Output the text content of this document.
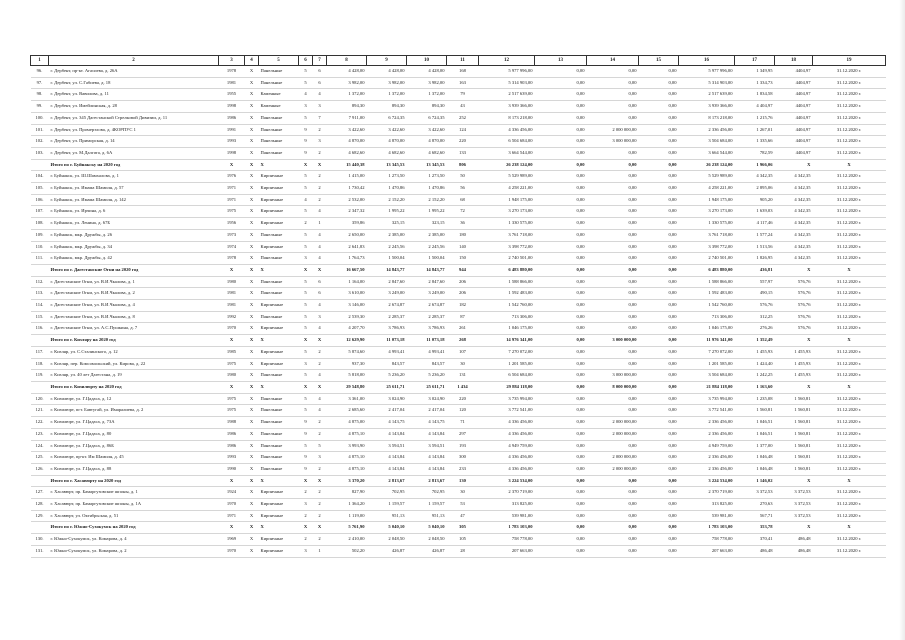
1	2	3	4	5	6	7	8	9	10	11	12	13	14	15	16	17	18	19
96.	г. Дербент, пр-кт. Агасиева, д. 26А	1978	Х	Панельные	5	6	4 428,00	4 428,00	4 428,00	168	5 977 996,00	0,00	0,00	0,00	5 977 996,00	1 349,95	4404,97	31.12.2020 г.
97.	г. Дербент, ул. С.Габиева, д. 18	1981	Х	Панельные	5	6	3 982,00	3 982,00	3 982,00	163	5 314 903,00	0,00	0,00	0,00	5 314 903,00	1 334,73	4404,97	31.12.2020 г.
98.	г. Дербент, ул. Вавилова, д. 11	1955	Х	Каменные	4	4	1 372,00	1 372,00	1 372,00	79	2 517 639,00	0,00	0,00	0,00	2 517 639,00	1 834,58	4404,97	31.12.2020 г.
99.	г. Дербент, ул. Имейлинская, д. 28	1998	Х	Каменные	3	3	894,30	894,30	894,30	43	3 939 366,00	0,00	0,00	0,00	3 939 366,00	4 404,97	4404,97	31.12.2020 г.
100.	г. Дербент, ул. 345 Дагестанской Стрелковой Дивизии, д. 11	1986	Х	Панельные	5	7	7 911,00	6 724,35	6 724,35	252	8 173 218,00	0,00	0,00	0,00	8 173 218,00	1 215,76	4404,97	31.12.2020 г.
101.	г. Дербент, ул. Промерзлова, д. 4КОРПУС 1	1991	Х	Панельные	9	2	3 422,60	3 422,60	3 422,60	124	4 336 456,00	0,00	2 000 000,00	0,00	2 336 456,00	1 267,01	4404,97	31.12.2020 г.
102.	г. Дербент, ул. Приморская, д. 14	1993	Х	Панельные	9	3	4 870,00	4 870,00	4 870,00	220	6 504 684,00	0,00	3 000 000,00	0,00	3 504 684,00	1 335,66	4404,97	31.12.2020 г.
103.	г. Дербент, ул. М.Далгата, д. 6А	1998	Х	Панельные	9	2	4 682,60	4 682,60	4 682,60	133	3 664 544,00	0,00	0,00	0,00	3 664 544,00	782,59	4404,97	31.12.2020 г.
	Итого по г. Буйнакску на 2020 год	Х	Х	Х	Х	Х	15 440,38	13 345,53	13 345,53	806	26 238 124,00	0,00	0,00	0,00	26 238 124,00	1 966,06	Х	Х
104.	г. Буйнакск, ул. Ш.Шамхалова, д. 1	1976	Х	Кирпичные	5	2	1 415,00	1 273,50	1 273,50	50	5 529 989,00	0,00	0,00	0,00	5 529 989,00	4 342,35	4 342,35	31.12.2020 г.
105.	г. Буйнакск, ул. Имама Шамиля, д. 57	1971	Х	Кирпичные	5	2	1 730,42	1 470,86	1 470,86	56	4 258 221,00	0,00	0,00	0,00	4 258 221,00	2 895,06	4 342,35	31.12.2020 г.
106.	г. Буйнакск, ул. Имама Шамиля, д. 142	1971	Х	Кирпичные	4	2	2 532,00	2 152,20	2 152,20	68	1 948 175,00	0,00	0,00	0,00	1 948 175,00	905,20	4 342,35	31.12.2020 г.
107.	г. Буйнакск, ул. Ирчина, д. 6	1975	Х	Кирпичные	5	4	2 347,32	1 995,22	1 995,22	72	3 270 173,00	0,00	0,00	0,00	3 270 173,00	1 639,03	4 342,35	31.12.2020 г.
108.	г. Буйнакск, ул. Ленина, д. 67Б	1956	Х	Кирпичные	2	1	359,86	325,15	323,15	36	1 330 575,00	0,00	0,00	0,00	1 330 575,00	4 117,46	4 342,35	31.12.2020 г.
109.	г. Буйнакск, мкр. Дружбы, д. 26	1973	Х	Панельные	5	4	2 650,00	2 385,00	2 385,00	180	3 761 718,00	0,00	0,00	0,00	3 761 718,00	1 577,24	4 342,35	31.12.2020 г.
110.	г. Буйнакск, мкр. Дружбы, д. 34	1974	Х	Кирпичные	5	4	2 641,83	2 245,56	2 245,56	140	3 398 772,00	0,00	0,00	0,00	3 398 772,00	1 513,56	4 342,35	31.12.2020 г.
111.	г. Буйнакск, мкр. Дружбы, д. 42	1978	Х	Панельные	3	4	1 764,73	1 500,04	1 500,04	150	2 740 501,00	0,00	0,00	0,00	2 740 501,00	1 826,95	4 342,35	31.12.2020 г.
	Итого по г. Дагестанские Огни на 2020 год	Х	Х	Х	Х	Х	16 667,50	14 843,77	14 843,77	944	6 483 880,00	0,00	0,00	0,00	6 483 880,00	436,81	Х	Х
112.	г. Дагестанские Огни, ул. В.И.Чкалова, д. 1	1980	Х	Панельные	5	6	1 164,00	2 847,60	2 847,60	206	1 588 866,00	0,00	0,00	0,00	1 588 866,00	557,97	576,76	31.12.2020 г.
113.	г. Дагестанские Огни, ул. В.И.Чкалова, д. 2	1981	Х	Панельные	5	6	3 610,00	3 249,00	3 249,00	206	1 592 483,00	0,00	0,00	0,00	1 592 483,00	490,15	576,76	31.12.2020 г.
114.	г. Дагестанские Огни, ул. В.И.Чкалова, д. 4	1981	Х	Кирпичные	5	4	3 146,00	2 674,87	2 674,87	182	1 542 760,00	0,00	0,00	0,00	1 542 760,00	576,76	576,76	31.12.2020 г.
115.	г. Дагестанские Огни, ул. В.И.Чкалова, д. 8	1992	Х	Панельные	5	3	2 539,30	2 285,37	2 285,37	87	713 306,00	0,00	0,00	0,00	713 306,00	312,25	576,76	31.12.2020 г.
116.	г. Дагестанские Огни, ул. А.С.Пушкина, д. 7	1970	Х	Кирпичные	5	4	4 207,70	3 786,93	3 786,93	261	1 046 175,00	0,00	0,00	0,00	1 046 175,00	276,26	576,76	31.12.2020 г.
	Итого по г. Кизляру на 2020 год	Х	Х	Х	Х	Х	12 629,90	11 073,18	11 073,18	268	14 976 341,00	0,00	3 000 000,00	0,00	11 976 341,00	1 352,49	Х	Х
117.	г. Кизляр, ул. С.Сталинского, д. 12	1985	Х	Кирпичные	5	2	5 874,60	4 993,41	4 993,41	107	7 270 072,00	0,00	0,00	0,00	7 270 072,00	1 455,93	1 455,93	31.12.2020 г.
118.	г. Кизляр, пер. Комсомольский, ул. Кирова, д. 22	1975	Х	Кирпичные	3	2	937,30	843,57	843,57	30	1 201 585,00	0,00	0,00	0,00	1 201 585,00	1 424,40	1 455,93	31.12.2020 г.
119.	г. Кизляр, ул. 40 лет Дагестана, д. 19	1980	Х	Панельные	5	4	5 818,00	5 236,20	5 236,20	131	6 504 684,00	0,00	3 000 000,00	0,00	3 504 684,00	1 242,25	1 455,93	31.12.2020 г.
	Итого по г. Кизилюрту на 2020 год	Х	Х	Х	Х	Х	29 548,80	25 611,71	25 611,71	1 434	29 884 118,00	0,00	8 000 000,00	0,00	21 884 118,00	1 163,60	Х	Х
120.	г. Кизилюрт, ул. Г.Цадаса, д. 12	1975	Х	Панельные	5	4	3 361,00	3 024,90	3 024,90	220	3 735 994,00	0,00	0,00	0,00	3 735 994,00	1 235,08	1 560,81	31.12.2020 г.
121.	г. Кизилюрт, пгт. Бавтугай, ул. Имаралиева, д. 2	1975	Х	Панельные	5	4	2 685,60	2 417,04	2 417,04	120	3 772 541,00	0,00	0,00	0,00	3 772 541,00	1 560,81	1 560,81	31.12.2020 г.
122.	г. Кизилюрт, ул. Г.Цадаса, д. 73А	1988	Х	Панельные	9	2	4 875,00	4 143,75	4 143,75	71	4 336 456,00	0,00	2 000 000,00	0,00	2 336 456,00	1 046,51	1 560,81	31.12.2020 г.
123.	г. Кизилюрт, ул. Г.Цадаса, д. 80	1986	Х	Панельные	9	2	4 875,10	4 143,84	4 143,84	297	4 336 456,00	0,00	2 000 000,00	0,00	2 336 456,00	1 046,51	1 560,81	31.12.2020 г.
124.	г. Кизилюрт, ул. Г.Цадаса, д. 86Б	1986	Х	Панельные	5	5	3 993,90	3 594,51	3 594,51	193	4 949 759,00	0,00	0,00	0,00	4 949 759,00	1 377,00	1 560,81	31.12.2020 г.
125.	г. Кизилюрт, пр-кт. Им Шамиля, д. 45	1993	Х	Панельные	9	3	4 875,10	4 143,84	4 143,84	300	4 336 456,00	0,00	2 000 000,00	0,00	2 336 456,00	1 046,48	1 560,81	31.12.2020 г.
126.	г. Кизилюрт, ул. Г.Цадаса, д. 88	1990	Х	Панельные	9	2	4 875,10	4 143,84	4 143,84	233	4 336 456,00	0,00	2 000 000,00	0,00	2 336 456,00	1 046,48	1 560,81	31.12.2020 г.
	Итого по г. Хасавюрту на 2020 год	Х	Х	Х	Х	Х	3 370,20	2 813,67	2 813,67	130	3 224 534,00	0,00	0,00	0,00	3 224 534,00	1 146,02	Х	Х
127.	г. Хасавюрт, пр. Бамаргузовские шпоны, д. 1	1924	Х	Кирпичные	2	2	827,90	702,95	702,95	30	2 370 719,00	0,00	0,00	0,00	2 370 719,00	3 372,53	3 372,53	31.12.2020 г.
128.	г. Хасавюрт, пр. Бамаргузовские шпоны, д. 1А	1970	Х	Кирпичные	3	2	1 364,20	1 159,57	1 159,57	53	313 825,00	0,00	0,00	0,00	313 825,00	270,63	3 372,53	31.12.2020 г.
129.	г. Хасавюрт, ул. Октябрьская, д. 51	1971	Х	Кирпичные	2	2	1 119,00	951,13	951,13	47	539 981,00	0,00	0,00	0,00	539 981,00	567,71	3 372,53	31.12.2020 г.
	Итого по г. Южно-Сухокумск на 2020 год	Х	Х	Х	Х	Х	5 761,90	5 040,10	5 040,10	305	1 783 103,00	0,00	0,00	0,00	1 783 103,00	353,78	Х	Х
130.	г. Южно-Сухокумск, ул. Комарова, д. 4	1969	Х	Кирпичные	2	2	2 410,00	2 048,50	2 048,50	105	758 778,00	0,00	0,00	0,00	758 778,00	370,41	486,48	31.12.2020 г.
131.	г. Южно-Сухокумск, ул. Комарова, д. 2	1970	Х	Кирпичные	3	1	502,20	426,87	426,87	28	207 663,00	0,00	0,00	0,00	207 663,00	486,48	486,48	31.12.2020 г.
